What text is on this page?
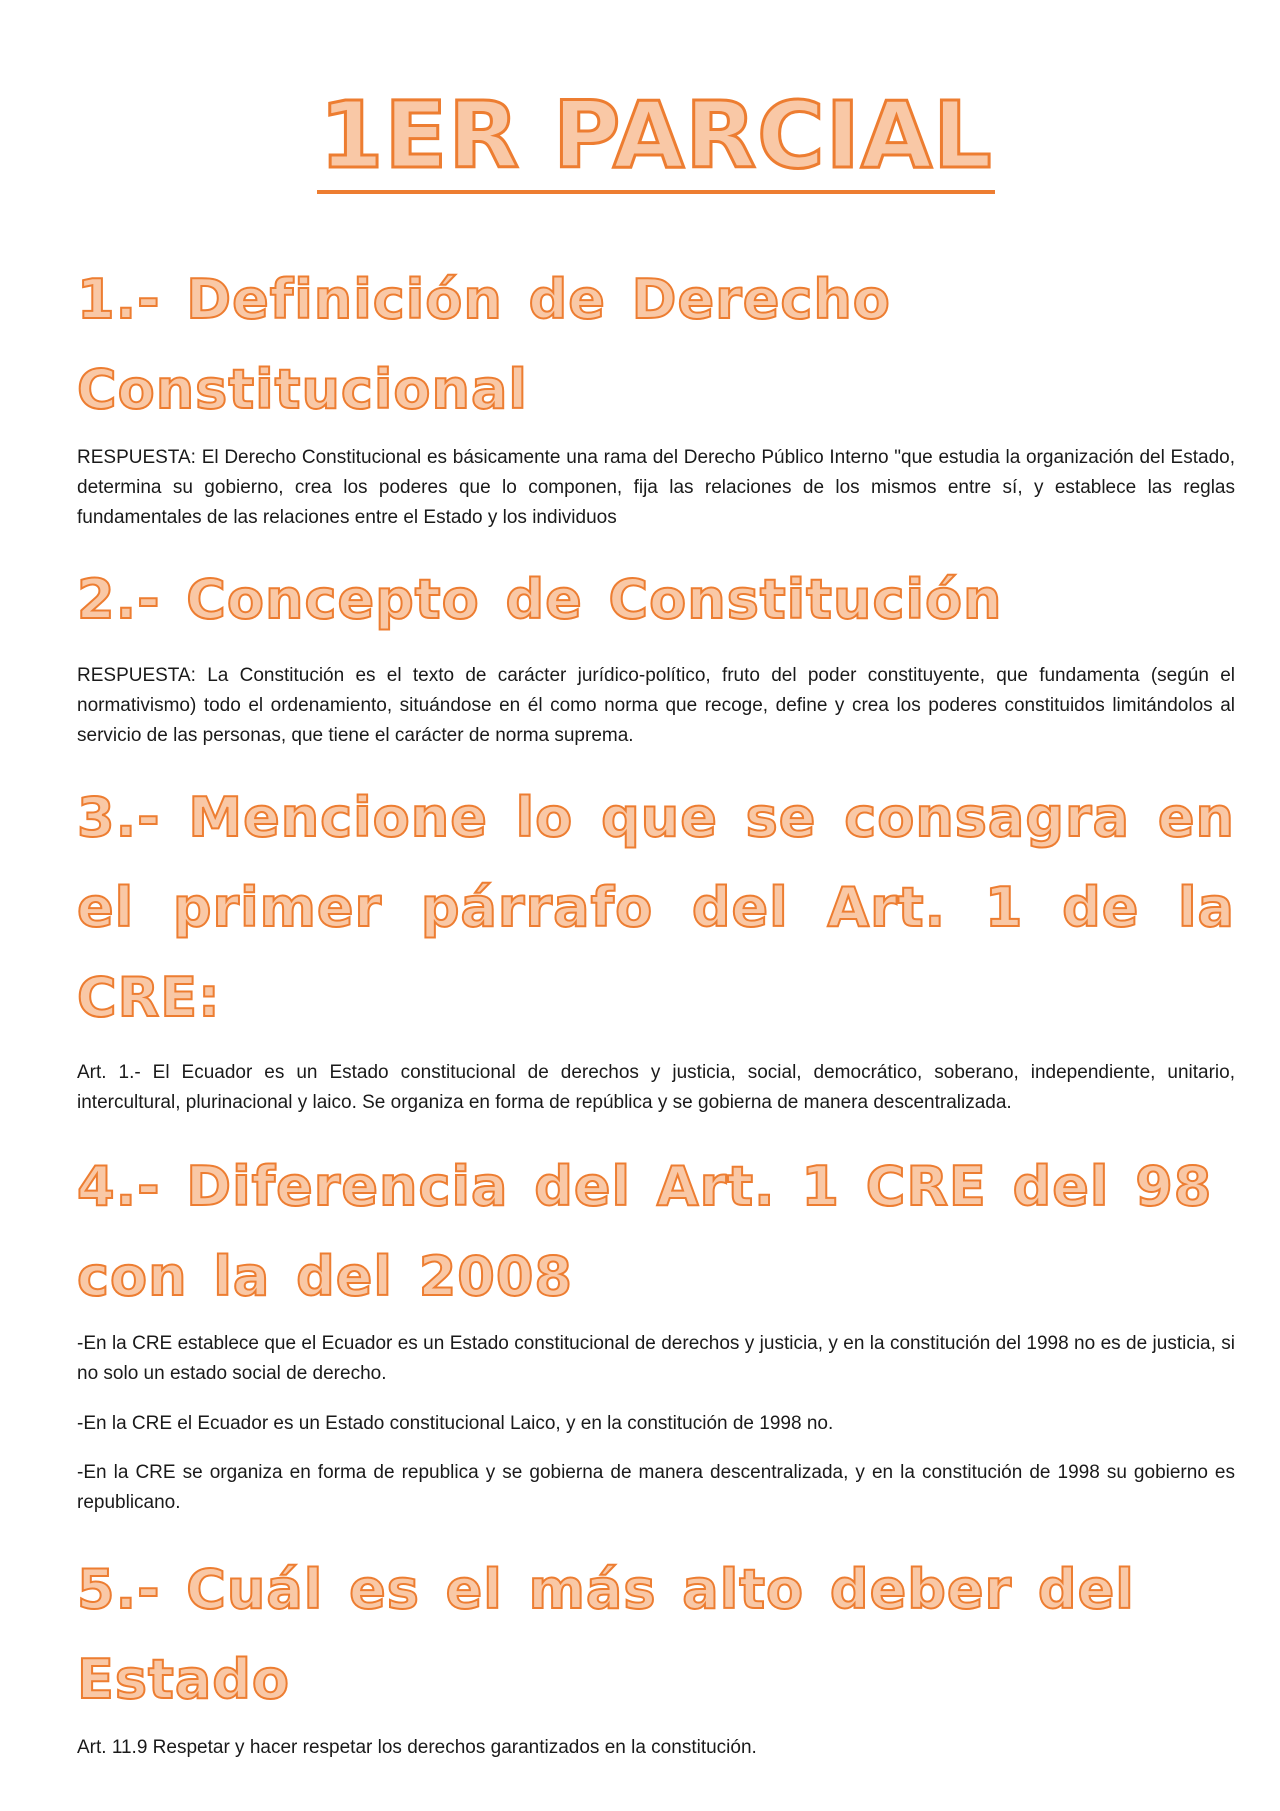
1ER PARCIAL
1.- Definición de Derecho Constitucional

RESPUESTA: El Derecho Constitucional es básicamente una rama del Derecho Público Interno "que estudia la organización del Estado, determina su gobierno, crea los poderes que lo componen, fija las relaciones de los mismos entre sí, y establece las reglas fundamentales de las relaciones entre el Estado y los individuos

2.- Concepto de Constitución

RESPUESTA: La Constitución es el texto de carácter jurídico-político, fruto del poder constituyente, que fundamenta (según el normativismo) todo el ordenamiento, situándose en él como norma que recoge, define y crea los poderes constituidos limitándolos al servicio de las personas, que tiene el carácter de norma suprema.

3.- Mencione lo que se consagra en el primer párrafo del Art. 1 de la CRE:

Art. 1.- El Ecuador es un Estado constitucional de derechos y justicia, social, democrático, soberano, independiente, unitario, intercultural, plurinacional y laico. Se organiza en forma de república y se gobierna de manera descentralizada.

4.- Diferencia del Art. 1 CRE del 98 con la del 2008

-En la CRE establece que el Ecuador es un Estado constitucional de derechos y justicia, y en la constitución del 1998 no es de justicia, si no solo un estado social de derecho.

-En la CRE el Ecuador es un Estado constitucional Laico, y en la constitución de 1998 no.

-En la CRE se organiza en forma de republica y se gobierna de manera descentralizada, y en la constitución de 1998 su gobierno es republicano.

5.- Cuál es el más alto deber del Estado

Art. 11.9 Respetar y hacer respetar los derechos garantizados en la constitución.
